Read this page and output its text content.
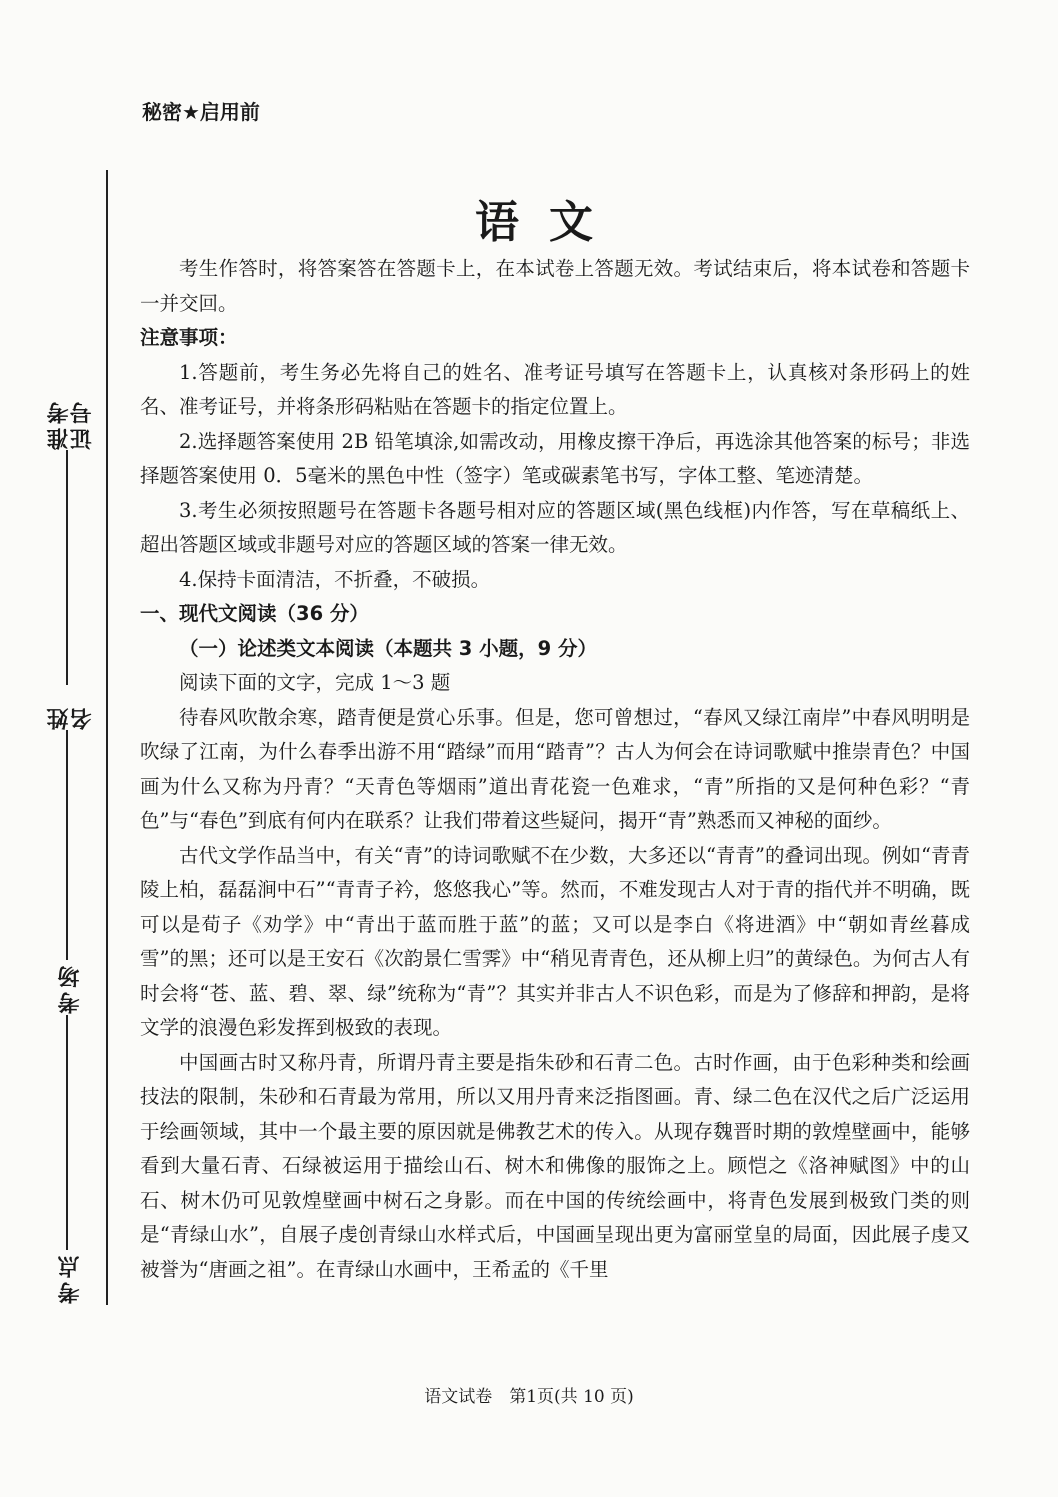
准考证号
姓名
考场
考点
秘密★启用前
语文

考生作答时，将答案答在答题卡上，在本试卷上答题无效。考试结束后，将本试卷和答题卡一并交回。

注意事项：

1.答题前，考生务必先将自己的姓名、准考证号填写在答题卡上，认真核对条形码上的姓名、准考证号，并将条形码粘贴在答题卡的指定位置上。

2.选择题答案使用 2B 铅笔填涂,如需改动，用橡皮擦干净后，再选涂其他答案的标号；非选择题答案使用 0．5毫米的黑色中性（签字）笔或碳素笔书写，字体工整、笔迹清楚。

3.考生必须按照题号在答题卡各题号相对应的答题区域(黑色线框)内作答，写在草稿纸上、超出答题区域或非题号对应的答题区域的答案一律无效。

4.保持卡面清洁，不折叠，不破损。

一、现代文阅读（36 分）

（一）论述类文本阅读（本题共 3 小题，9 分）

阅读下面的文字，完成 1～3 题

待春风吹散余寒，踏青便是赏心乐事。但是，您可曾想过，“春风又绿江南岸”中春风明明是吹绿了江南，为什么春季出游不用“踏绿”而用“踏青”？古人为何会在诗词歌赋中推崇青色？中国画为什么又称为丹青？“天青色等烟雨”道出青花瓷一色难求，“青”所指的又是何种色彩？“青色”与“春色”到底有何内在联系？让我们带着这些疑问，揭开“青”熟悉而又神秘的面纱。

古代文学作品当中，有关“青”的诗词歌赋不在少数，大多还以“青青”的叠词出现。例如“青青陵上柏，磊磊涧中石”“青青子衿，悠悠我心”等。然而，不难发现古人对于青的指代并不明确，既可以是荀子《劝学》中“青出于蓝而胜于蓝”的蓝；又可以是李白《将进酒》中“朝如青丝暮成雪”的黑；还可以是王安石《次韵景仁雪霁》中“稍见青青色，还从柳上归”的黄绿色。为何古人有时会将“苍、蓝、碧、翠、绿”统称为“青”？其实并非古人不识色彩，而是为了修辞和押韵，是将文学的浪漫色彩发挥到极致的表现。

中国画古时又称丹青，所谓丹青主要是指朱砂和石青二色。古时作画，由于色彩种类和绘画技法的限制，朱砂和石青最为常用，所以又用丹青来泛指图画。青、绿二色在汉代之后广泛运用于绘画领域，其中一个最主要的原因就是佛教艺术的传入。从现存魏晋时期的敦煌壁画中，能够看到大量石青、石绿被运用于描绘山石、树木和佛像的服饰之上。顾恺之《洛神赋图》中的山石、树木仍可见敦煌壁画中树石之身影。而在中国的传统绘画中，将青色发展到极致门类的则是“青绿山水”，自展子虔创青绿山水样式后，中国画呈现出更为富丽堂皇的局面，因此展子虔又被誉为“唐画之祖”。在青绿山水画中，王希孟的《千里

语文试卷　第1页(共 10 页)
